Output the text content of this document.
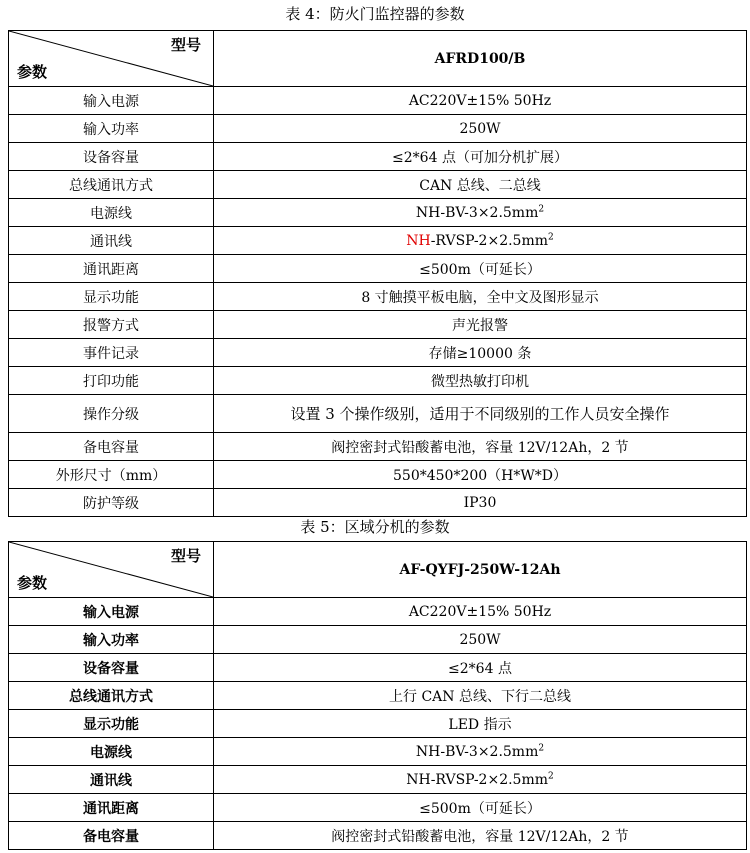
表 4：防火门监控器的参数
型号
参数	AFRD100/B
输入电源	AC220V±15% 50Hz
输入功率	250W
设备容量	≤2*64 点（可加分机扩展）
总线通讯方式	CAN 总线、二总线
电源线	$NH-BV-3\times 2.5mm^2$
通讯线	$NH-RVSP-2\times 2.5mm^2$
通讯距离	≤500m（可延长）
显示功能	8 寸触摸平板电脑，全中文及图形显示
报警方式	声光报警
事件记录	存储≥10000 条
打印功能	微型热敏打印机
操作分级	设置 3 个操作级别，适用于不同级别的工作人员安全操作
备电容量	阀控密封式铅酸蓄电池，容量 12V/12Ah，2 节
外形尺寸（mm）	550*450*200（H*W*D）
防护等级	IP30
表 5：区域分机的参数
型号
参数	AF-QYFJ-250W-12Ah
输入电源	AC220V±15% 50Hz
输入功率	250W
设备容量	≤2*64 点
总线通讯方式	上行 CAN 总线、下行二总线
显示功能	LED 指示
电源线	$NH-BV-3\times 2.5mm^2$
通讯线	$NH-RVSP-2\times 2.5mm^2$
通讯距离	≤500m（可延长）
备电容量	阀控密封式铅酸蓄电池，容量 12V/12Ah，2 节
